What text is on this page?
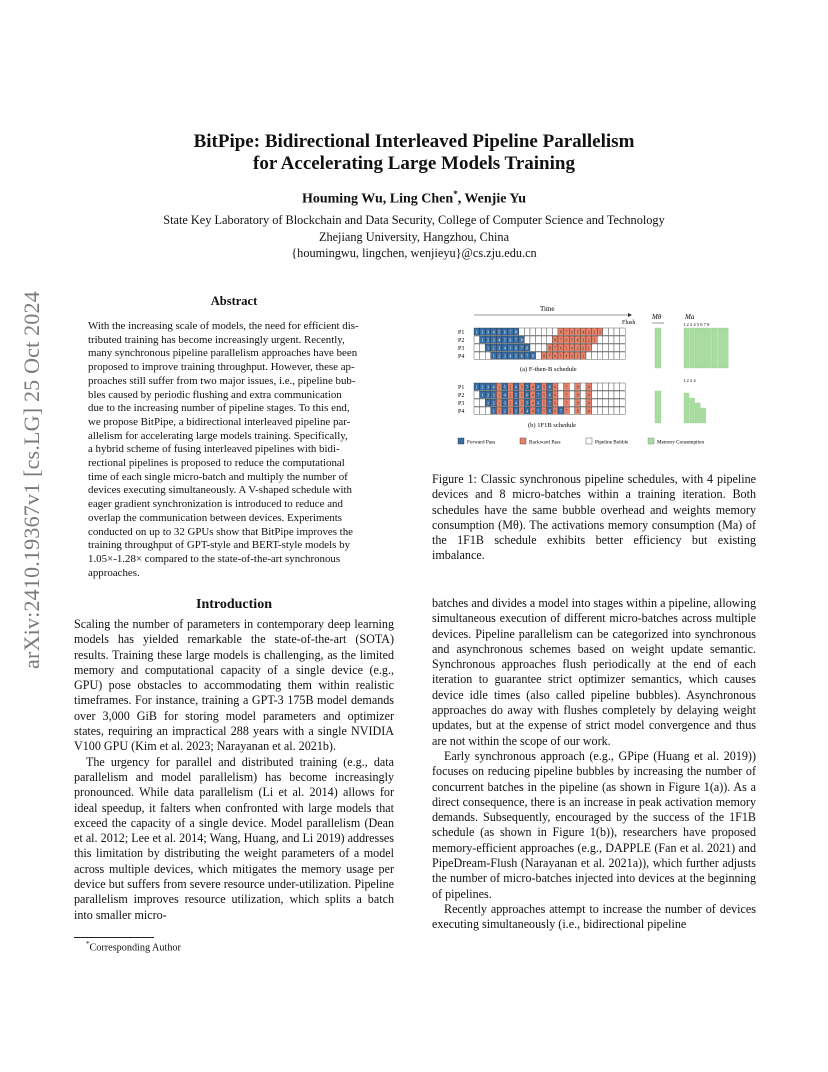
arXiv:2410.19367v1 [cs.LG] 25 Oct 2024
BitPipe: Bidirectional Interleaved Pipeline Parallelism
for Accelerating Large Models Training
Houming Wu, Ling Chen*, Wenjie Yu
State Key Laboratory of Blockchain and Data Security, College of Computer Science and Technology
Zhejiang University, Hangzhou, China
{houmingwu, lingchen, wenjieyu}@cs.zju.edu.cn
Abstract
With the increasing scale of models, the need for efficient dis-
tributed training has become increasingly urgent. Recently,
many synchronous pipeline parallelism approaches have been
proposed to improve training throughput. However, these ap-
proaches still suffer from two major issues, i.e., pipeline bub-
bles caused by periodic flushing and extra communication
due to the increasing number of pipeline stages. To this end,
we propose BitPipe, a bidirectional interleaved pipeline par-
allelism for accelerating large models training. Specifically,
a hybrid scheme of fusing interleaved pipelines with bidi-
rectional pipelines is proposed to reduce the computational
time of each single micro-batch and multiply the number of
devices executing simultaneously. A V-shaped schedule with
eager gradient synchronization is introduced to reduce and
overlap the communication between devices. Experiments
conducted on up to 32 GPUs show that BitPipe improves the
training throughput of GPT-style and BERT-style models by
1.05×-1.28× compared to the state-of-the-art synchronous
approaches.
Introduction

Scaling the number of parameters in contemporary deep learning models has yielded remarkable the state-of-the-art (SOTA) results. Training these large models is challenging, as the limited memory and computational capacity of a single device (e.g., GPU) pose obstacles to accommodating them within realistic timeframes. For instance, training a GPT-3 175B model demands over 3,000 GiB for storing model parameters and optimizer states, requiring an impractical 288 years with a single NVIDIA V100 GPU (Kim et al. 2023; Narayanan et al. 2021b).

The urgency for parallel and distributed training (e.g., data parallelism and model parallelism) has become increasingly pronounced. While data parallelism (Li et al. 2014) allows for ideal speedup, it falters when confronted with large models that exceed the capacity of a single device. Model parallelism (Dean et al. 2012; Lee et al. 2014; Wang, Huang, and Li 2019) addresses this limitation by distributing the weight parameters of a model across multiple devices, which mitigates the memory usage per device but suffers from severe resource under-utilization. Pipeline parallelism improves resource utilization, which splits a batch into smaller micro-

batches and divides a model into stages within a pipeline, allowing simultaneous execution of different micro-batches across multiple devices. Pipeline parallelism can be categorized into synchronous and asynchronous schemes based on weight update semantic. Synchronous approaches flush periodically at the end of each iteration to guarantee strict optimizer semantics, which causes device idle times (also called pipeline bubbles). Asynchronous approaches do away with flushes completely by delaying weight updates, but at the expense of strict model convergence and thus are not within the scope of our work.

Early synchronous approach (e.g., GPipe (Huang et al. 2019)) focuses on reducing pipeline bubbles by increasing the number of concurrent batches in the pipeline (as shown in Figure 1(a)). As a direct consequence, there is an increase in peak activation memory demands. Subsequently, encouraged by the success of the 1F1B schedule (as shown in Figure 1(b)), researchers have proposed memory-efficient approaches (e.g., DAPPLE (Fan et al. 2021) and PipeDream-Flush (Narayanan et al. 2021a)), which further adjusts the number of micro-batches injected into devices at the beginning of pipelines.

Recently approaches attempt to increase the number of devices executing simultaneously (i.e., bidirectional pipeline

Time
Flush
Mθ	Ma
1 2 3 4 5 6 7 8
1 2 3 4
P1
P2
P3
P4
P1
P2
P3
P4
1 2 3 4 5 6 7 8	8 7 6 5 4 3 2 1
1 2 3 4 5 6 7 8	8 7 6 5 4 3 2 1
1 2 3 4 5 6 7 8	8 7 6 5 4 3 2 1
1 2 3 4 5 6 7 8	8 7 6 5 4 3 2 1
1 2 3 4 1 5 2 6 3 7 4 8 5 8 6	7	8	8
1 2 3 1 4 2 5 3 6 4 7 5 8 6	7	8	8
1 2 1 3 2 4 3 5 4 6 5 7 6	7	8	8
1 1 2 2 3 3 4 4 5 5 6 6 7 7	8	8
(a) F-then-B schedule
(b) 1F1B schedule
Forward Pass	Backward Pass	Pipeline Bubble	Memory Consumption
Figure 1: Classic synchronous pipeline schedules, with 4 pipeline devices and 8 micro-batches within a training iteration. Both schedules have the same bubble overhead and weights memory consumption (Mθ). The activations memory consumption (Ma) of the 1F1B schedule exhibits better efficiency but existing imbalance.
*Corresponding Author
